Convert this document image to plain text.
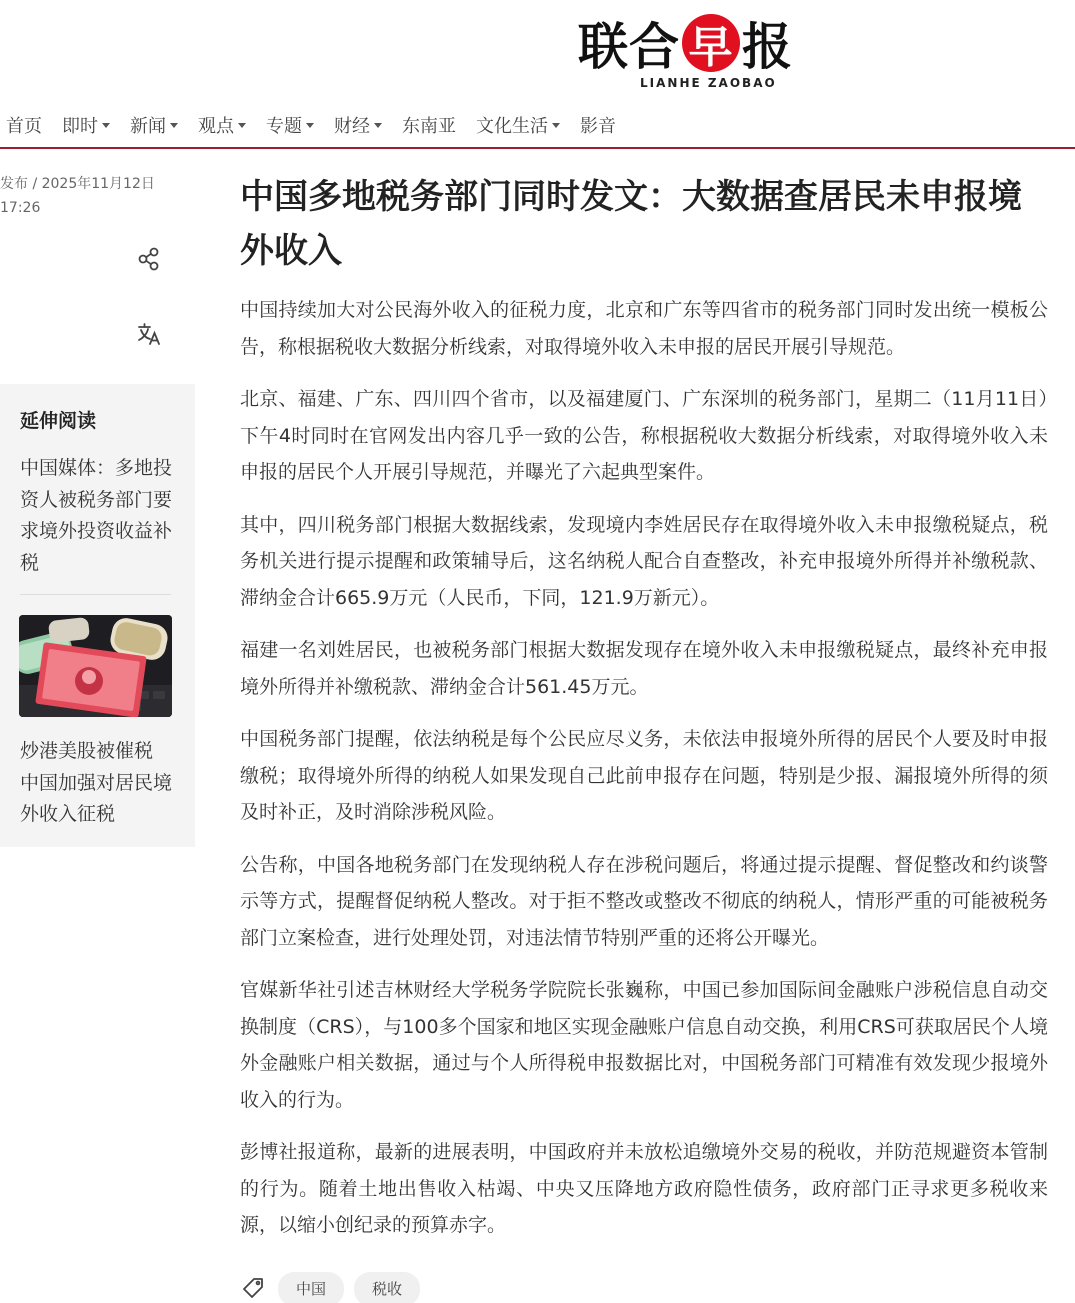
联合 早 报
LIANHE ZAOBAO
首页 即时 新闻 观点 专题 财经 东南亚 文化生活 影音
发布 / 2025年11月12日
17:26
延伸阅读
中国媒体：多地投资人被税务部门要求境外投资收益补税
炒港美股被催税 中国加强对居民境外收入征税
中国多地税务部门同时发文：大数据查居民未申报境外收入

中国持续加大对公民海外收入的征税力度，北京和广东等四省市的税务部门同时发出统一模板公告，称根据税收大数据分析线索，对取得境外收入未申报的居民开展引导规范。

北京、福建、广东、四川四个省市，以及福建厦门、广东深圳的税务部门，星期二（11月11日）下午4时同时在官网发出内容几乎一致的公告，称根据税收大数据分析线索，对取得境外收入未申报的居民个人开展引导规范，并曝光了六起典型案件。

其中，四川税务部门根据大数据线索，发现境内李姓居民存在取得境外收入未申报缴税疑点，税务机关进行提示提醒和政策辅导后，这名纳税人配合自查整改，补充申报境外所得并补缴税款、滞纳金合计665.9万元（人民币，下同，121.9万新元）。

福建一名刘姓居民，也被税务部门根据大数据发现存在境外收入未申报缴税疑点，最终补充申报境外所得并补缴税款、滞纳金合计561.45万元。

中国税务部门提醒，依法纳税是每个公民应尽义务，未依法申报境外所得的居民个人要及时申报缴税；取得境外所得的纳税人如果发现自己此前申报存在问题，特别是少报、漏报境外所得的须及时补正，及时消除涉税风险。

公告称，中国各地税务部门在发现纳税人存在涉税问题后，将通过提示提醒、督促整改和约谈警示等方式，提醒督促纳税人整改。对于拒不整改或整改不彻底的纳税人，情形严重的可能被税务部门立案检查，进行处理处罚，对违法情节特别严重的还将公开曝光。

官媒新华社引述吉林财经大学税务学院院长张巍称，中国已参加国际间金融账户涉税信息自动交换制度（CRS），与100多个国家和地区实现金融账户信息自动交换，利用CRS可获取居民个人境外金融账户相关数据，通过与个人所得税申报数据比对，中国税务部门可精准有效发现少报境外收入的行为。

彭博社报道称，最新的进展表明，中国政府并未放松追缴境外交易的税收，并防范规避资本管制的行为。随着土地出售收入枯竭、中央又压降地方政府隐性债务，政府部门正寻求更多税收来源，以缩小创纪录的预算赤字。

中国	税收
